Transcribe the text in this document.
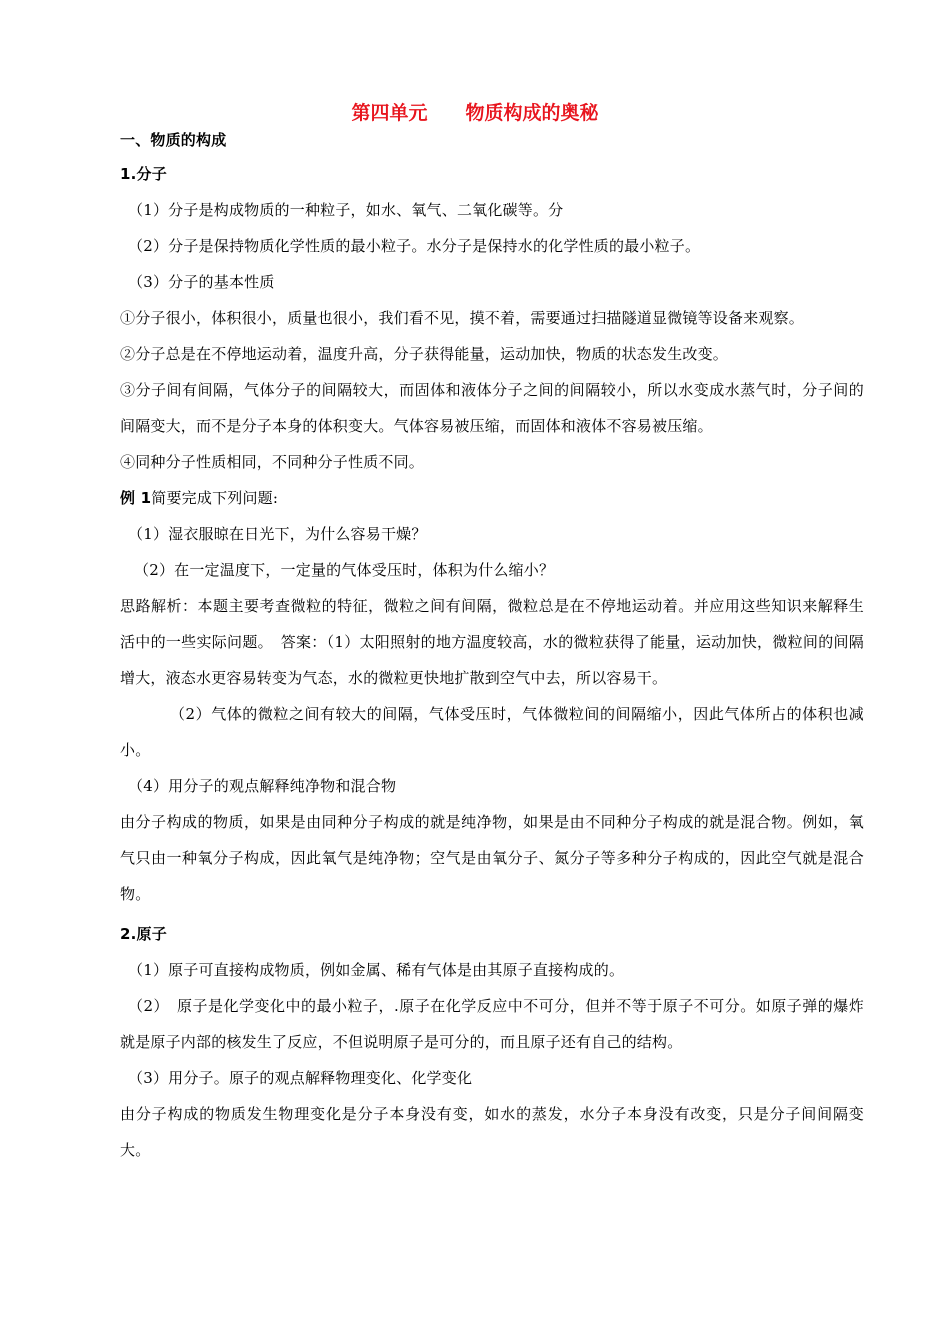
第四单元　　物质构成的奥秘

一、物质的构成

1.分子

（1）分子是构成物质的一种粒子，如水、氧气、二氧化碳等。分

（2）分子是保持物质化学性质的最小粒子。水分子是保持水的化学性质的最小粒子。

（3）分子的基本性质

①分子很小，体积很小，质量也很小，我们看不见，摸不着，需要通过扫描隧道显微镜等设备来观察。

②分子总是在不停地运动着，温度升高，分子获得能量，运动加快，物质的状态发生改变。

③分子间有间隔，气体分子的间隔较大，而固体和液体分子之间的间隔较小，所以水变成水蒸气时，分子间的间隔变大，而不是分子本身的体积变大。气体容易被压缩，而固体和液体不容易被压缩。

④同种分子性质相同，不同种分子性质不同。

例 1简要完成下列问题:

（1）湿衣服晾在日光下，为什么容易干燥？

（2）在一定温度下，一定量的气体受压时，体积为什么缩小？

思路解析：本题主要考查微粒的特征，微粒之间有间隔，微粒总是在不停地运动着。并应用这些知识来解释生活中的一些实际问题。　答案：（1）太阳照射的地方温度较高，水的微粒获得了能量，运动加快，微粒间的间隔增大，液态水更容易转变为气态，水的微粒更快地扩散到空气中去，所以容易干。

（2）气体的微粒之间有较大的间隔，气体受压时，气体微粒间的间隔缩小，因此气体所占的体积也减小。

（4）用分子的观点解释纯净物和混合物

由分子构成的物质，如果是由同种分子构成的就是纯净物，如果是由不同种分子构成的就是混合物。例如，氧气只由一种氧分子构成，因此氧气是纯净物；空气是由氧分子、氮分子等多种分子构成的，因此空气就是混合物。

2.原子

（1）原子可直接构成物质，例如金属、稀有气体是由其原子直接构成的。

（2）　原子是化学变化中的最小粒子，.原子在化学反应中不可分，但并不等于原子不可分。如原子弹的爆炸就是原子内部的核发生了反应，不但说明原子是可分的，而且原子还有自己的结构。

（3）用分子。原子的观点解释物理变化、化学变化

由分子构成的物质发生物理变化是分子本身没有变，如水的蒸发，水分子本身没有改变，只是分子间间隔变大。
